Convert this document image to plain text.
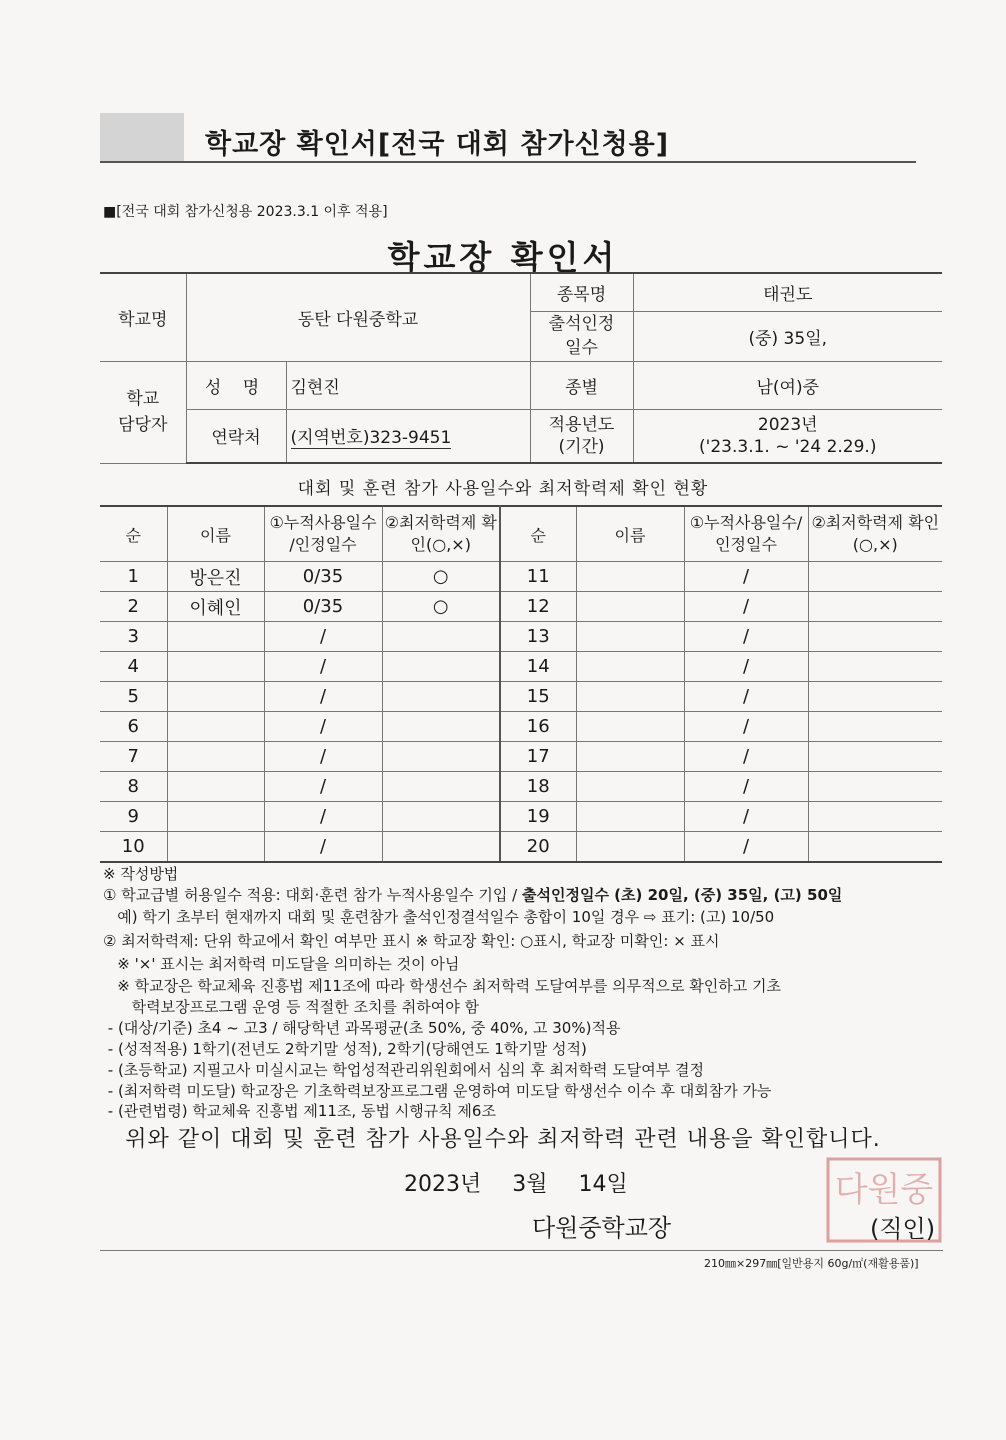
학교장 확인서[전국 대회 참가신청용]
■[전국 대회 참가신청용 2023.3.1 이후 적용]
학교장 확인서
학교명	동탄 다원중학교		종목명	태권도
			출석인정 일수	(중) 35일,
학교 담당자	성 명	김현진	종별	남(여)중
	연락처	(지역번호)323-9451	적용년도 (기간)	2023년
('23.3.1. ~ '24 2.29.)
대회 및 훈련 참가 사용일수와 최저학력제 확인 현황
순	이름	①누적사용일수 /인정일수	②최저학력제 확인(○,×)	순	이름	①누적사용일수/ 인정일수	②최저학력제 확인(○,×)
1	방은진	0/35	○	11		/	
2	이혜인	0/35	○	12		/	
3		/		13		/	
4		/		14		/	
5		/		15		/	
6		/		16		/	
7		/		17		/	
8		/		18		/	
9		/		19		/	
10		/		20		/	
※ 작성방법
① 학교급별 허용일수 적용: 대회·훈련 참가 누적사용일수 기입 / 출석인정일수 (초) 20일, (중) 35일, (고) 50일
예) 학기 초부터 현재까지 대회 및 훈련참가 출석인정결석일수 총합이 10일 경우 ⇨ 표기: (고) 10/50
② 최저학력제: 단위 학교에서 확인 여부만 표시 ※ 학교장 확인: ○표시, 학교장 미확인: × 표시
※ '×' 표시는 최저학력 미도달을 의미하는 것이 아님
※ 학교장은 학교체육 진흥법 제11조에 따라 학생선수 최저학력 도달여부를 의무적으로 확인하고 기초
학력보장프로그램 운영 등 적절한 조치를 취하여야 함
- (대상/기준) 초4 ~ 고3 / 해당학년 과목평균(초 50%, 중 40%, 고 30%)적용
- (성적적용) 1학기(전년도 2학기말 성적), 2학기(당해연도 1학기말 성적)
- (초등학교) 지필고사 미실시교는 학업성적관리위원회에서 심의 후 최저학력 도달여부 결정
- (최저학력 미도달) 학교장은 기초학력보장프로그램 운영하여 미도달 학생선수 이수 후 대회참가 가능
- (관련법령) 학교체육 진흥법 제11조, 동법 시행규칙 제6조
위와 같이 대회 및 훈련 참가 사용일수와 최저학력 관련 내용을 확인합니다.
2023년 3월 14일	다원중
다원중학교장	(직인)
210㎜×297㎜[일반용지 60g/㎡(재활용품)]
